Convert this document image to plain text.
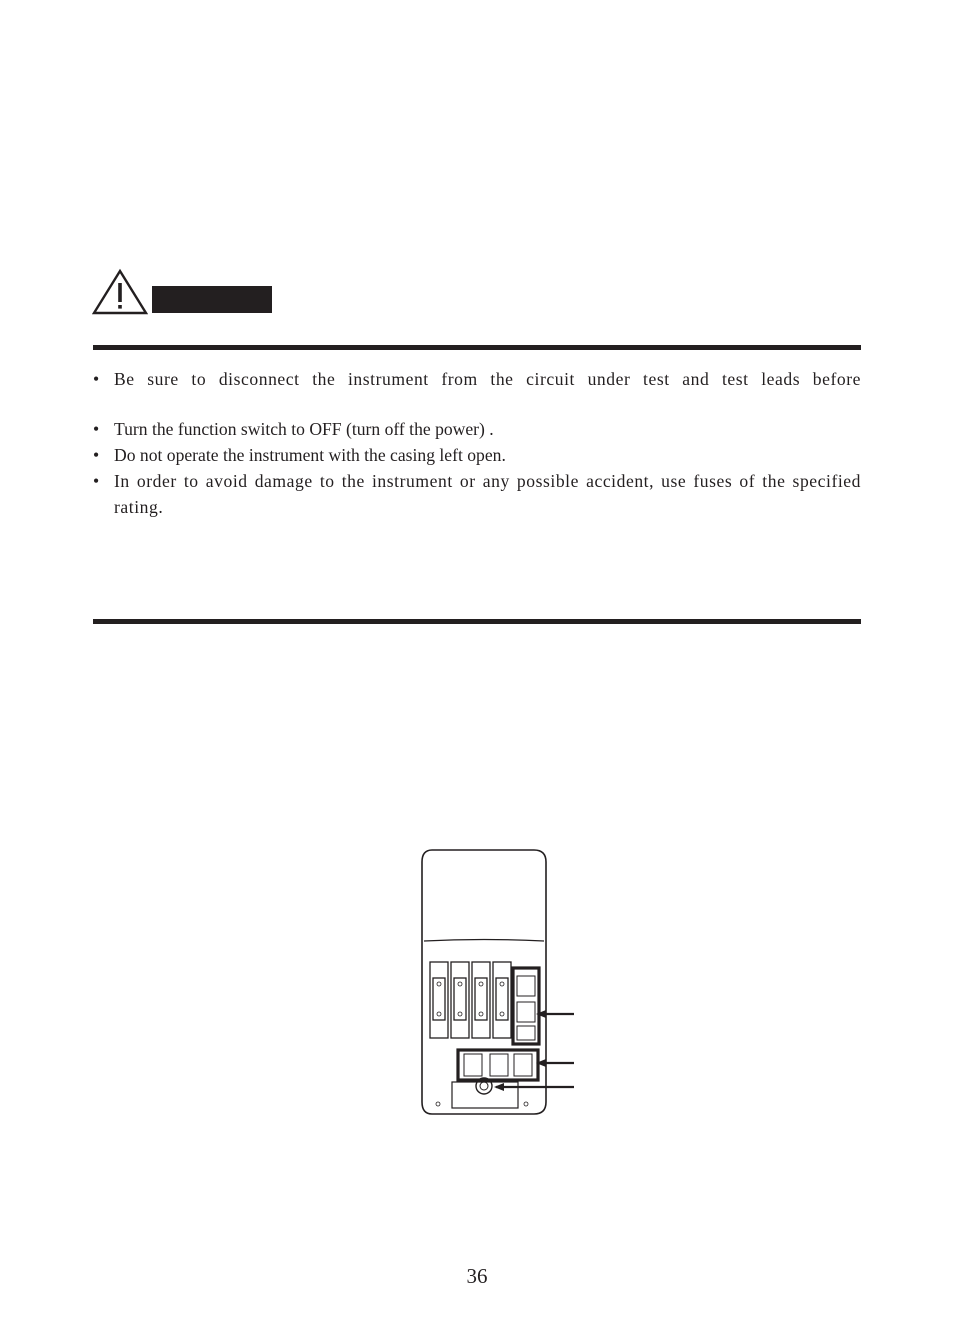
• Be sure to disconnect the instrument from the circuit under test and test leads before
• Turn the function switch to OFF (turn off the power) .
• Do not operate the instrument with the casing left open.
• In order to avoid damage to the instrument or any possible accident, use fuses of the specified rating.
36
